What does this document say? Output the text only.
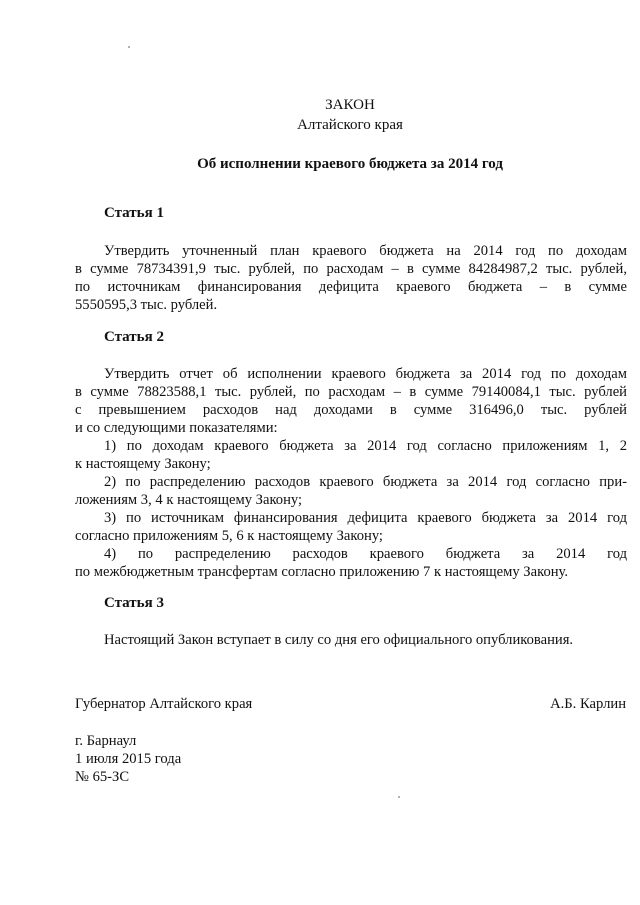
ЗАКОН
Алтайского края
Об исполнении краевого бюджета за 2014 год
Статья 1
Утвердить уточненный план краевого бюджета на 2014 год по доходам
в сумме 78734391,9 тыс. рублей, по расходам – в сумме 84284987,2 тыс. рублей,
по источникам финансирования дефицита краевого бюджета – в сумме
5550595,3 тыс. рублей.
Статья 2
Утвердить отчет об исполнении краевого бюджета за 2014 год по доходам
в сумме 78823588,1 тыс. рублей, по расходам – в сумме 79140084,1 тыс. рублей
с превышением расходов над доходами в сумме 316496,0 тыс. рублей
и со следующими показателями:
1) по доходам краевого бюджета за 2014 год согласно приложениям 1, 2
к настоящему Закону;
2) по распределению расходов краевого бюджета за 2014 год согласно при-
ложениям 3, 4 к настоящему Закону;
3) по источникам финансирования дефицита краевого бюджета за 2014 год
согласно приложениям 5, 6 к настоящему Закону;
4) по распределению расходов краевого бюджета за 2014 год
по межбюджетным трансфертам согласно приложению 7 к настоящему Закону.
Статья 3
Настоящий Закон вступает в силу со дня его официального опубликования.
Губернатор Алтайского края	А.Б. Карлин
г. Барнаул
1 июля 2015 года
№ 65-ЗС
